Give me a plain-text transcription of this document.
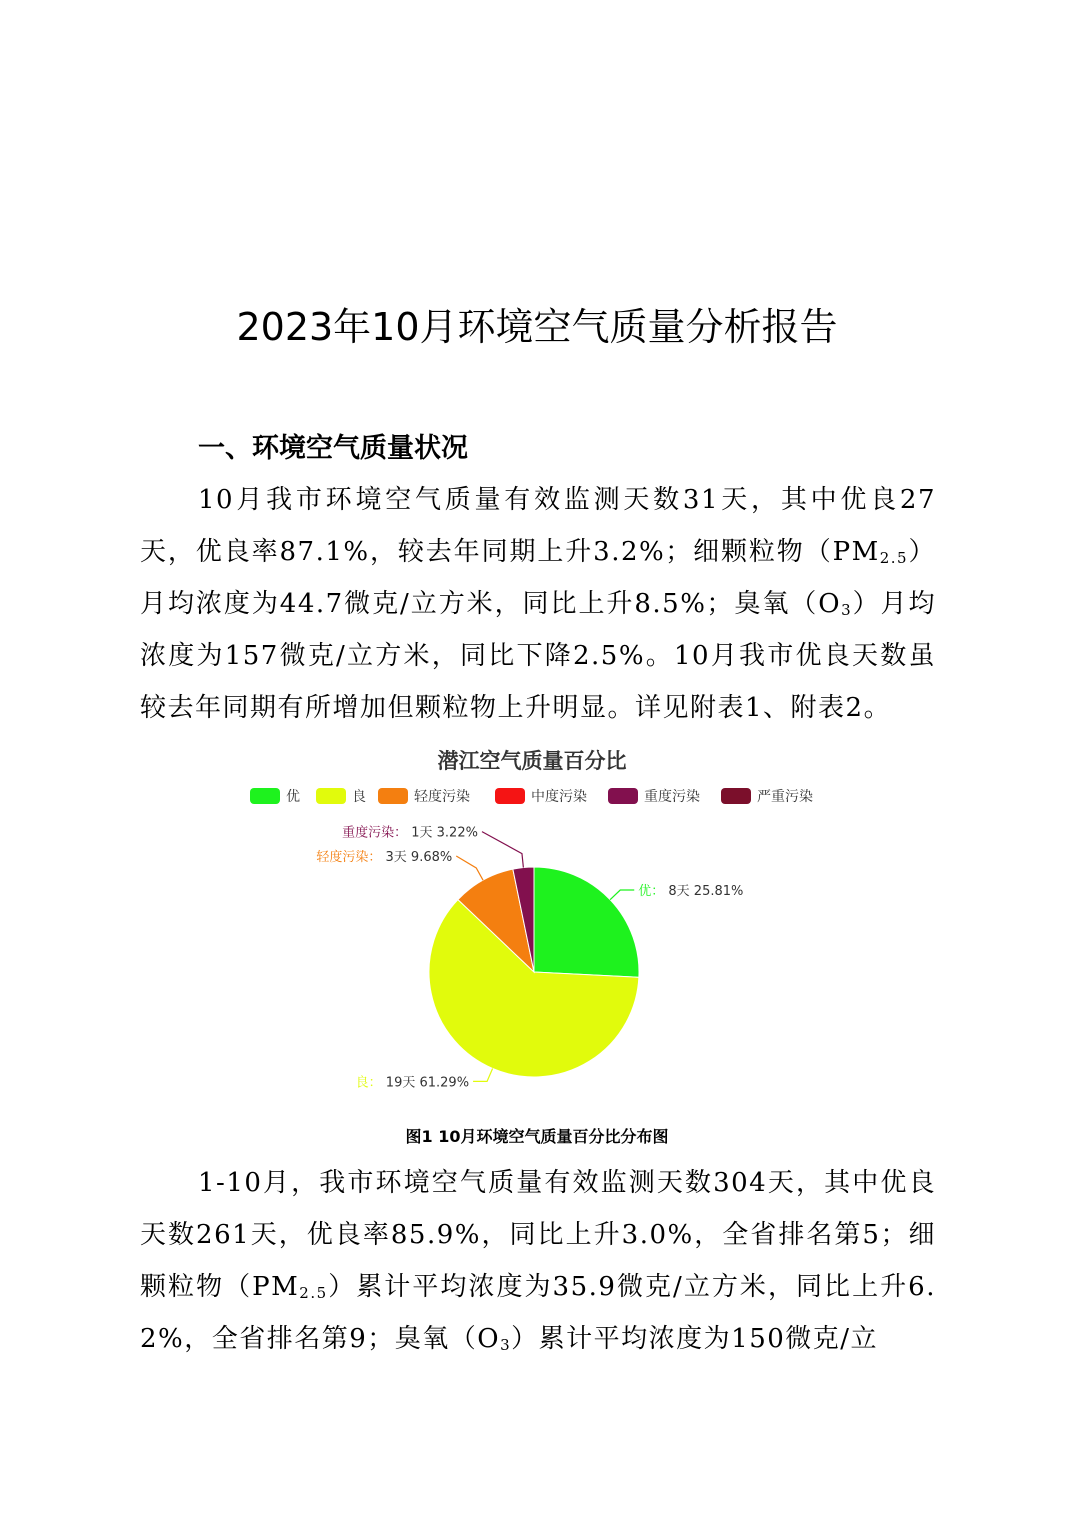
2023年10月环境空气质量分析报告
一、环境空气质量状况

10月我市环境空气质量有效监测天数31天，其中优良27天，优良率87.1%，较去年同期上升3.2%；细颗粒物$(PM_{2.5})$月均浓度为44.7微克/立方米，同比上升8.5%；臭氧$(O_3)$月均浓度为157微克/立方米，同比下降2.5%。10月我市优良天数虽较去年同期有所增加但颗粒物上升明显。详见附表1、附表2。

潜江空气质量百分比
优	良	轻度污染	中度污染	重度污染	严重污染
优： 8天 25.81%
良： 19天 61.29%
轻度污染： 3天 9.68%
重度污染： 1天 3.22%
图1 10月环境空气质量百分比分布图

1-10月，我市环境空气质量有效监测天数304天，其中优良天数261天，优良率85.9%，同比上升3.0%，全省排名第5；细颗粒物$(PM_{2.5})$累计平均浓度为35.9微克/立方米，同比上升6.2%，全省排名第9；臭氧$(O_3)$累计平均浓度为150微克/立
